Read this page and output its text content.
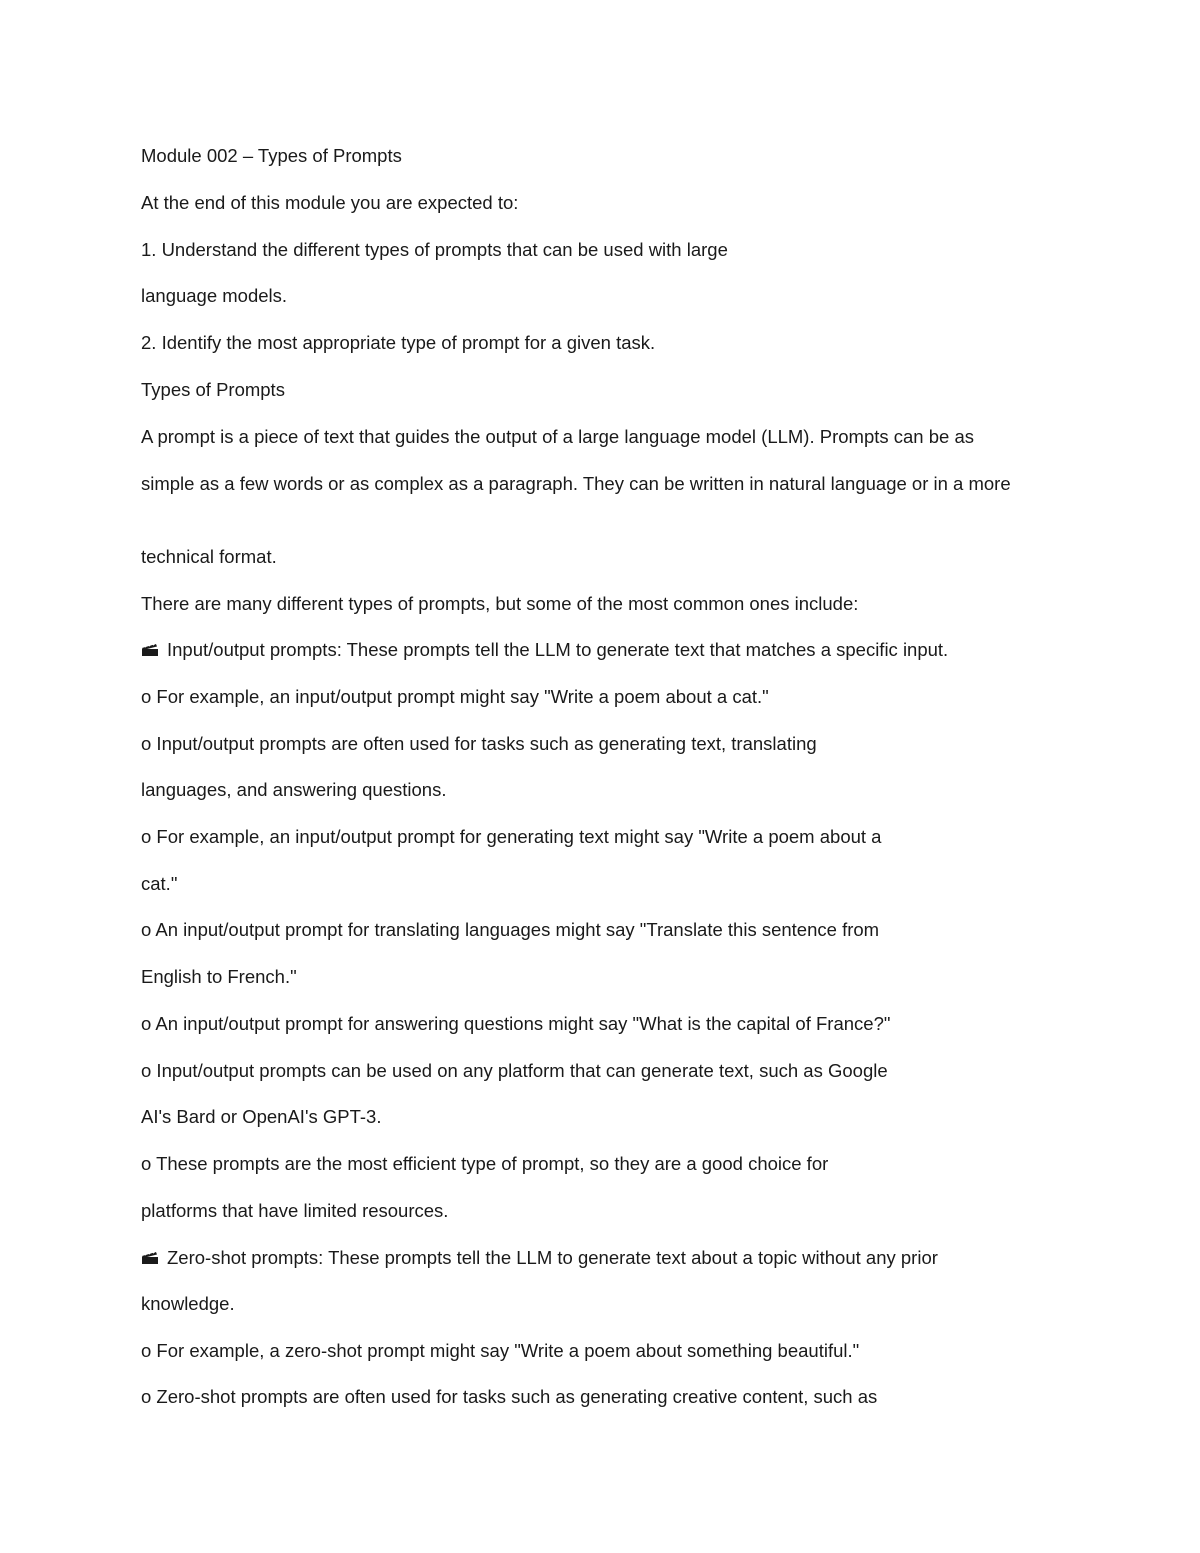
Module 002 – Types of Prompts

At the end of this module you are expected to:

1. Understand the different types of prompts that can be used with large

language models.

2. Identify the most appropriate type of prompt for a given task.

Types of Prompts

A prompt is a piece of text that guides the output of a large language model (LLM). Prompts can be as

simple as a few words or as complex as a paragraph. They can be written in natural language or in a more

technical format.

There are many different types of prompts, but some of the most common ones include:

Input/output prompts: These prompts tell the LLM to generate text that matches a specific input.

o For example, an input/output prompt might say "Write a poem about a cat."

o Input/output prompts are often used for tasks such as generating text, translating

languages, and answering questions.

o For example, an input/output prompt for generating text might say "Write a poem about a

cat."

o An input/output prompt for translating languages might say "Translate this sentence from

English to French."

o An input/output prompt for answering questions might say "What is the capital of France?"

o Input/output prompts can be used on any platform that can generate text, such as Google

AI's Bard or OpenAI's GPT-3.

o These prompts are the most efficient type of prompt, so they are a good choice for

platforms that have limited resources.

Zero-shot prompts: These prompts tell the LLM to generate text about a topic without any prior

knowledge.

o For example, a zero-shot prompt might say "Write a poem about something beautiful."

o Zero-shot prompts are often used for tasks such as generating creative content, such as
